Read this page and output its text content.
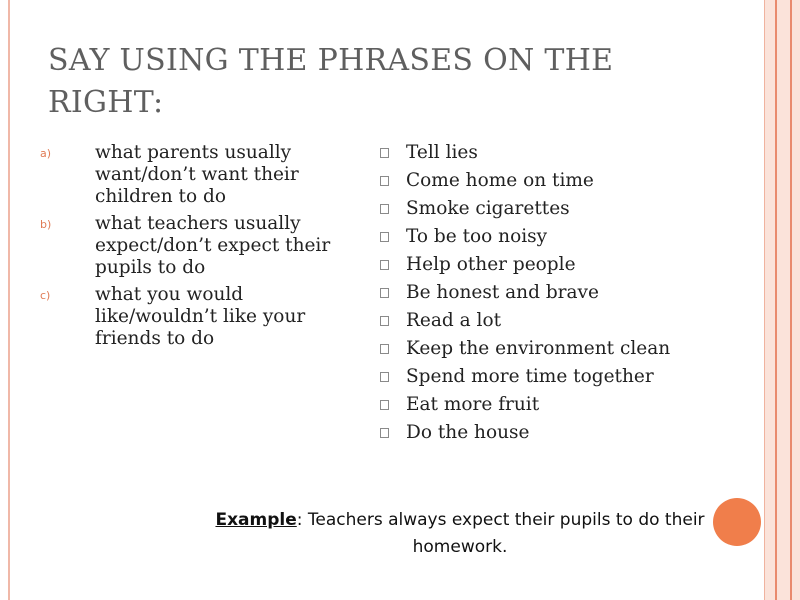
SAY USING THE PHRASES ON THE RIGHT:
a) what parents usually want/don’t want their children to do
b) what teachers usually expect/don’t expect their pupils to do
c) what you would like/wouldn’t like your friends to do
Tell lies
Come home on time
Smoke cigarettes
To be too noisy
Help other people
Be honest and brave
Read a lot
Keep the environment clean
Spend more time together
Eat more fruit
Do the house
Example: Teachers always expect their pupils to do their homework.
